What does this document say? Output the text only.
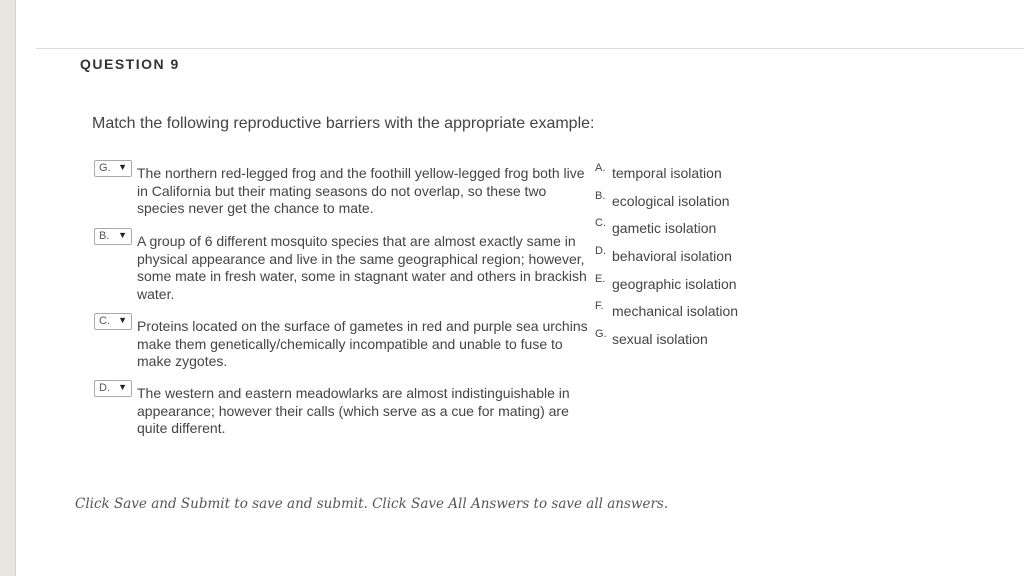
QUESTION 9
Match the following reproductive barriers with the appropriate example:
G. ▼ The northern red-legged frog and the foothill yellow-legged frog both live in California but their mating seasons do not overlap, so these two species never get the chance to mate.
B. ▼ A group of 6 different mosquito species that are almost exactly same in physical appearance and live in the same geographical region; however, some mate in fresh water, some in stagnant water and others in brackish water.
C. ▼ Proteins located on the surface of gametes in red and purple sea urchins make them genetically/chemically incompatible and unable to fuse to make zygotes.
D. ▼ The western and eastern meadowlarks are almost indistinguishable in appearance; however their calls (which serve as a cue for mating) are quite different.
A. temporal isolation
B. ecological isolation
C. gametic isolation
D. behavioral isolation
E. geographic isolation
F. mechanical isolation
G. sexual isolation
Click Save and Submit to save and submit. Click Save All Answers to save all answers.
